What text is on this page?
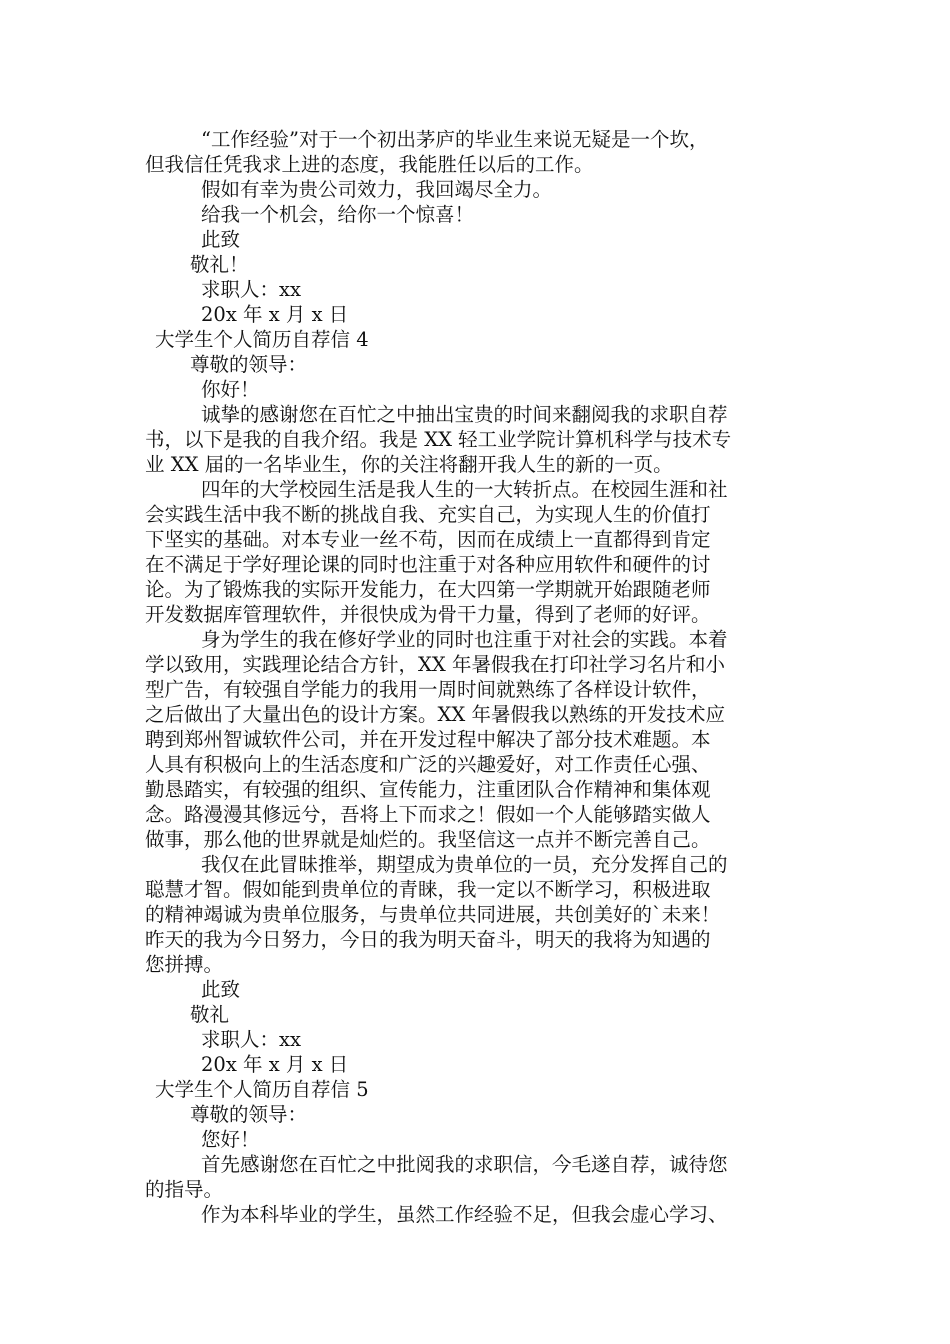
“工作经验”对于一个初出茅庐的毕业生来说无疑是一个坎，
但我信任凭我求上进的态度，我能胜任以后的工作。
假如有幸为贵公司效力，我回竭尽全力。
给我一个机会，给你一个惊喜！
此致
敬礼！
求职人：xx
20x 年 x 月 x 日
大学生个人简历自荐信 4
尊敬的领导：
你好！
诚挚的感谢您在百忙之中抽出宝贵的时间来翻阅我的求职自荐
书，以下是我的自我介绍。我是 XX 轻工业学院计算机科学与技术专
业 XX 届的一名毕业生，你的关注将翻开我人生的新的一页。
四年的大学校园生活是我人生的一大转折点。在校园生涯和社
会实践生活中我不断的挑战自我、充实自己，为实现人生的价值打
下坚实的基础。对本专业一丝不苟，因而在成绩上一直都得到肯定
在不满足于学好理论课的同时也注重于对各种应用软件和硬件的讨
论。为了锻炼我的实际开发能力，在大四第一学期就开始跟随老师
开发数据库管理软件，并很快成为骨干力量，得到了老师的好评。
身为学生的我在修好学业的同时也注重于对社会的实践。本着
学以致用，实践理论结合方针，XX 年暑假我在打印社学习名片和小
型广告，有较强自学能力的我用一周时间就熟练了各样设计软件，
之后做出了大量出色的设计方案。XX 年暑假我以熟练的开发技术应
聘到郑州智诚软件公司，并在开发过程中解决了部分技术难题。本
人具有积极向上的生活态度和广泛的兴趣爱好，对工作责任心强、
勤恳踏实，有较强的组织、宣传能力，注重团队合作精神和集体观
念。路漫漫其修远兮，吾将上下而求之！假如一个人能够踏实做人
做事，那么他的世界就是灿烂的。我坚信这一点并不断完善自己。
我仅在此冒昧推举，期望成为贵单位的一员，充分发挥自己的
聪慧才智。假如能到贵单位的青睐，我一定以不断学习，积极进取
的精神竭诚为贵单位服务，与贵单位共同进展，共创美好的`未来！
昨天的我为今日努力，今日的我为明天奋斗，明天的我将为知遇的
您拼搏。
此致
敬礼
求职人：xx
20x 年 x 月 x 日
大学生个人简历自荐信 5
尊敬的领导：
您好！
首先感谢您在百忙之中批阅我的求职信，今毛遂自荐，诚待您
的指导。
作为本科毕业的学生，虽然工作经验不足，但我会虚心学习、
